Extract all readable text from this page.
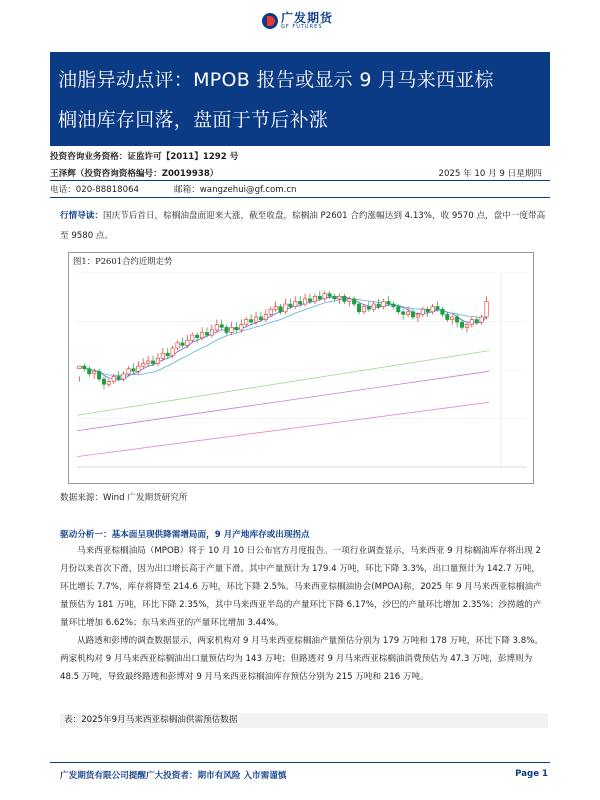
广发期货
GF FUTURES
油脂异动点评：MPOB 报告或显示 9 月马来西亚棕
榈油库存回落，盘面于节后补涨
投资咨询业务资格：证监许可【2011】1292 号
王泽辉（投资咨询资格编号：Z0019938）	2025 年 10 月 9 日星期四
电话：020-88818064	邮箱：wangzehui@gf.com.cn
行情导读：国庆节后首日，棕榈油盘面迎来大涨，截至收盘，棕榈油 P2601 合约涨幅达到 4.13%，收 9570 点，盘中一度带高至 9580 点。
图1：P2601合约近期走势
数据来源：Wind 广发期货研究所
驱动分析一：基本面呈现供降需增局面，9 月产地库存或出现拐点

马来西亚棕榈油局（MPOB）将于 10 月 10 日公布官方月度报告。一项行业调查显示，马来西亚 9 月棕榈油库存将出现 2 月份以来首次下滑，因为出口增长高于产量下滑。其中产量预计为 179.4 万吨，环比下降 3.3%，出口量预计为 142.7 万吨，环比增长 7.7%，库存将降至 214.6 万吨，环比下降 2.5%。马来西亚棕榈油协会(MPOA)称，2025 年 9 月马来西亚棕榈油产量预估为 181 万吨，环比下降 2.35%，其中马来西亚半岛的产量环比下降 6.17%，沙巴的产量环比增加 2.35%；沙捞越的产量环比增加 6.62%；东马来西亚的产量环比增加 3.44%。

从路透和彭博的调查数据显示，两家机构对 9 月马来西亚棕榈油产量预估分别为 179 万吨和 178 万吨，环比下降 3.8%。两家机构对 9 月马来西亚棕榈油出口量预估均为 143 万吨；但路透对 9 月马来西亚棕榈油消费预估为 47.3 万吨，彭博则为 48.5 万吨，导致最终路透和彭博对 9 月马来西亚棕榈油库存预估分别为 215 万吨和 216 万吨。

表：2025年9月马来西亚棕榈油供需预估数据
广发期货有限公司提醒广大投资者：期市有风险 入市需谨慎	Page 1
